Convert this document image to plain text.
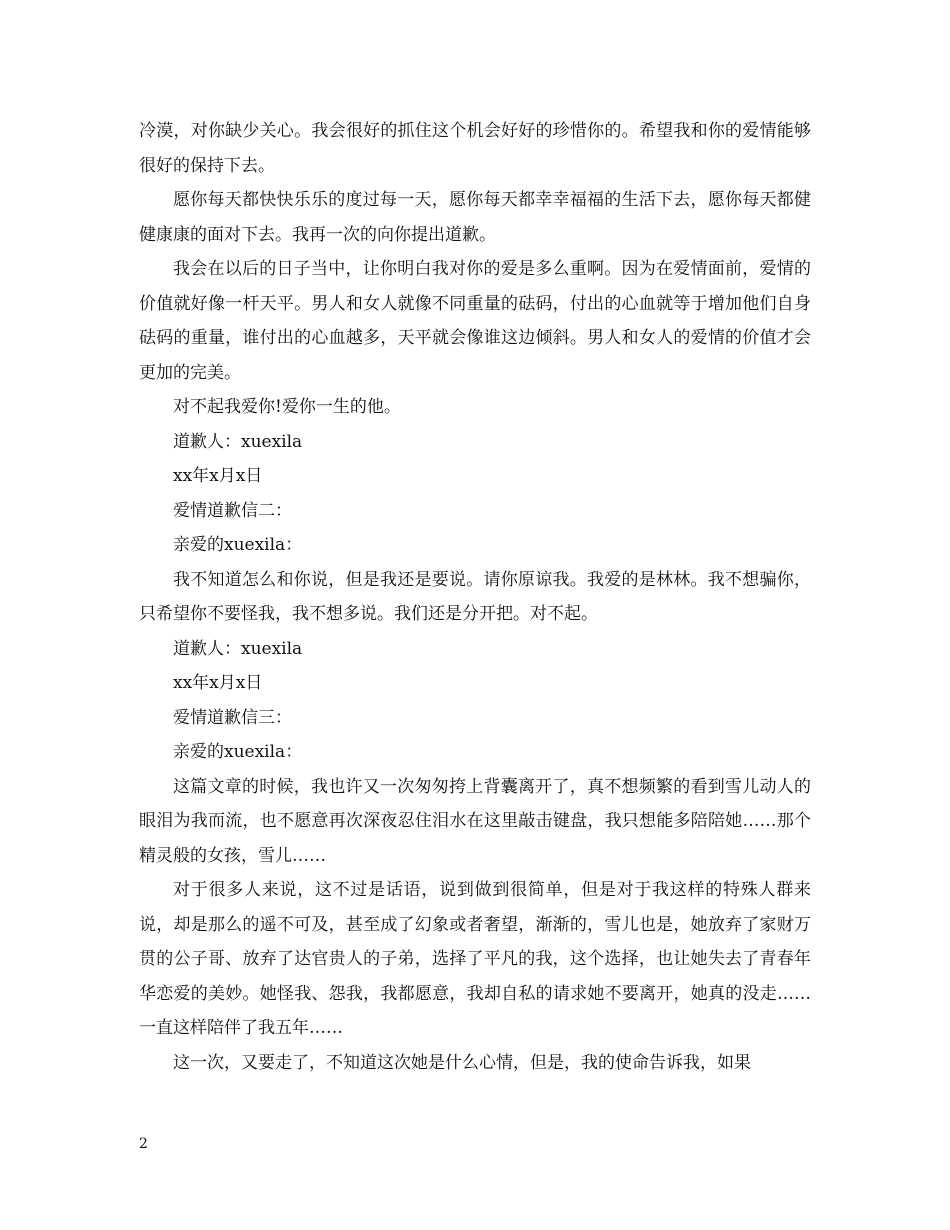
冷漠，对你缺少关心。我会很好的抓住这个机会好好的珍惜你的。希望我和你的爱情能够很好的保持下去。

愿你每天都快快乐乐的度过每一天，愿你每天都幸幸福福的生活下去，愿你每天都健健康康的面对下去。我再一次的向你提出道歉。

我会在以后的日子当中，让你明白我对你的爱是多么重啊。因为在爱情面前，爱情的价值就好像一杆天平。男人和女人就像不同重量的砝码，付出的心血就等于增加他们自身砝码的重量，谁付出的心血越多，天平就会像谁这边倾斜。男人和女人的爱情的价值才会更加的完美。

对不起我爱你!爱你一生的他。

道歉人：xuexila

xx年x月x日

爱情道歉信二：

亲爱的xuexila：

我不知道怎么和你说，但是我还是要说。请你原谅我。我爱的是林林。我不想骗你，只希望你不要怪我，我不想多说。我们还是分开把。对不起。

道歉人：xuexila

xx年x月x日

爱情道歉信三：

亲爱的xuexila：

这篇文章的时候，我也许又一次匆匆挎上背囊离开了，真不想频繁的看到雪儿动人的眼泪为我而流，也不愿意再次深夜忍住泪水在这里敲击键盘，我只想能多陪陪她……那个精灵般的女孩，雪儿……

对于很多人来说，这不过是话语，说到做到很简单，但是对于我这样的特殊人群来说，却是那么的遥不可及，甚至成了幻象或者奢望，渐渐的，雪儿也是，她放弃了家财万贯的公子哥、放弃了达官贵人的子弟，选择了平凡的我，这个选择，也让她失去了青春年华恋爱的美妙。她怪我、怨我，我都愿意，我却自私的请求她不要离开，她真的没走……一直这样陪伴了我五年……

这一次，又要走了，不知道这次她是什么心情，但是，我的使命告诉我，如果

2
